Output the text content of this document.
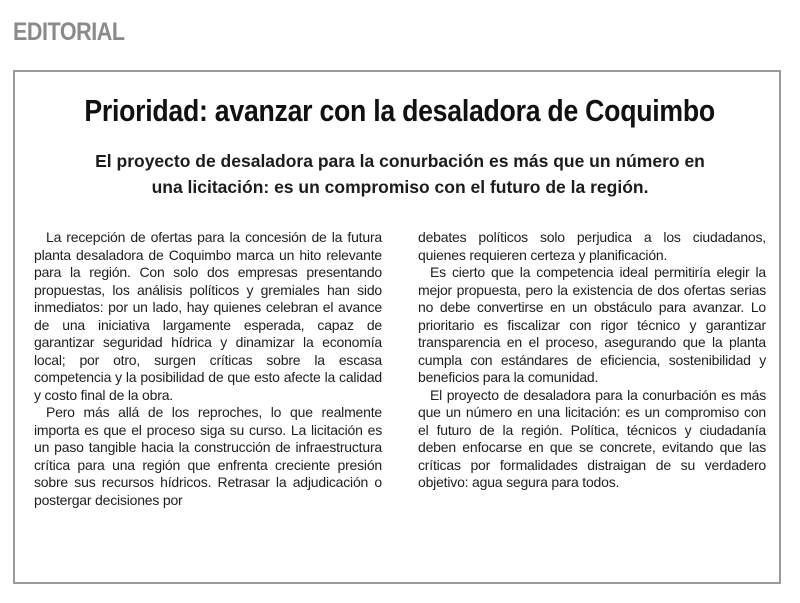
EDITORIAL
Prioridad: avanzar con la desaladora de Coquimbo
El proyecto de desaladora para la conurbación es más que un número en una licitación: es un compromiso con el futuro de la región.

La recepción de ofertas para la concesión de la futura planta desaladora de Coquimbo marca un hito relevante para la región. Con solo dos empresas presentando propuestas, los análisis políticos y gremiales han sido inmediatos: por un lado, hay quienes celebran el avance de una iniciativa largamente esperada, capaz de garantizar seguridad hídrica y dinamizar la economía local; por otro, surgen críticas sobre la escasa competencia y la posibilidad de que esto afecte la calidad y costo final de la obra.

Pero más allá de los reproches, lo que realmente importa es que el proceso siga su curso. La licitación es un paso tangible hacia la construcción de infraestructura crítica para una región que enfrenta creciente presión sobre sus recursos hídricos. Retrasar la adjudicación o postergar decisiones por

debates políticos solo perjudica a los ciudadanos, quienes requieren certeza y planificación.

Es cierto que la competencia ideal permitiría elegir la mejor propuesta, pero la existencia de dos ofertas serias no debe convertirse en un obstáculo para avanzar. Lo prioritario es fiscalizar con rigor técnico y garantizar transparencia en el proceso, asegurando que la planta cumpla con estándares de eficiencia, sostenibilidad y beneficios para la comunidad.

El proyecto de desaladora para la conurbación es más que un número en una licitación: es un compromiso con el futuro de la región. Política, técnicos y ciudadanía deben enfocarse en que se concrete, evitando que las críticas por formalidades distraigan de su verdadero objetivo: agua segura para todos.
